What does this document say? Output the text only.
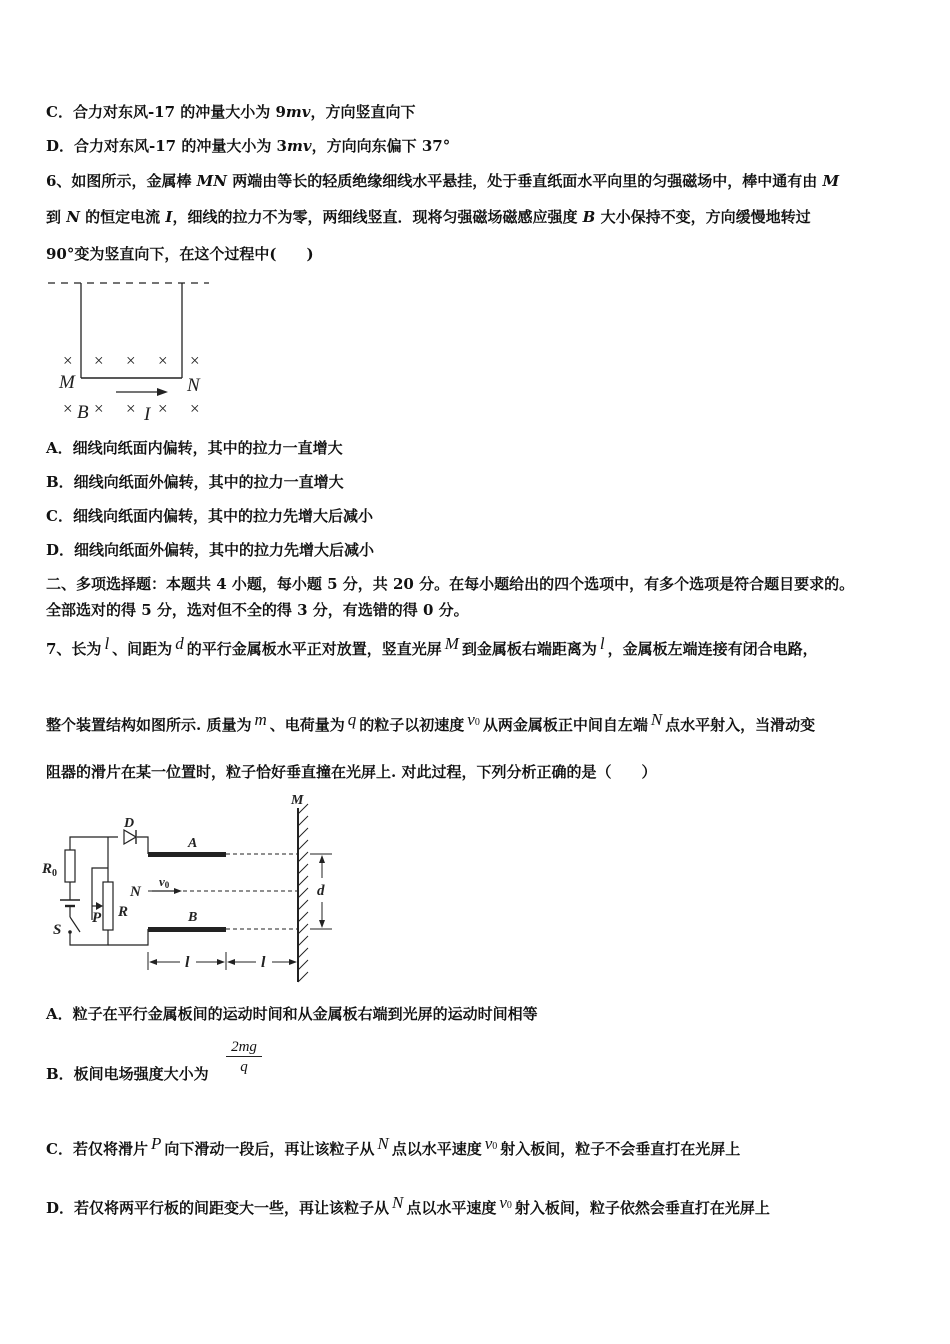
C．合力对东风-17 的冲量大小为 9mv，方向竖直向下
D．合力对东风-17 的冲量大小为 3mv，方向向东偏下 37°
6、如图所示，金属棒 MN 两端由等长的轻质绝缘细线水平悬挂，处于垂直纸面水平向里的匀强磁场中，棒中通有由 M
到 N 的恒定电流 I，细线的拉力不为零，两细线竖直．现将匀强磁场磁感应强度 B 大小保持不变，方向缓慢地转过
90°变为竖直向下，在这个过程中(　　)
× × × × ×
× × × × ×
M	N
B	I
A．细线向纸面内偏转，其中的拉力一直增大
B．细线向纸面外偏转，其中的拉力一直增大
C．细线向纸面内偏转，其中的拉力先增大后减小
D．细线向纸面外偏转，其中的拉力先增大后减小
二、多项选择题：本题共 4 小题，每小题 5 分，共 20 分。在每小题给出的四个选项中，有多个选项是符合题目要求的。
全部选对的得 5 分，选对但不全的得 3 分，有选错的得 0 分。
7、长为 l 、间距为 d 的平行金属板水平正对放置，竖直光屏 M 到金属板右端距离为 l ，金属板左端连接有闭合电路，
整个装置结构如图所示. 质量为 m 、电荷量为 q 的粒子以初速度 v0 从两金属板正中间自左端 N 点水平射入，当滑动变
阻器的滑片在某一位置时，粒子恰好垂直撞在光屏上. 对此过程，下列分析正确的是（　　）
M
A
B
v0
N	d
l	l
D
$R_0$
S
P R
A．粒子在平行金属板间的运动时间和从金属板右端到光屏的运动时间相等
B．板间电场强度大小为 $\frac{2mg}{q}$
C．若仅将滑片 P 向下滑动一段后，再让该粒子从 N 点以水平速度 v0 射入板间，粒子不会垂直打在光屏上
D．若仅将两平行板的间距变大一些，再让该粒子从 N 点以水平速度 v0 射入板间，粒子依然会垂直打在光屏上
